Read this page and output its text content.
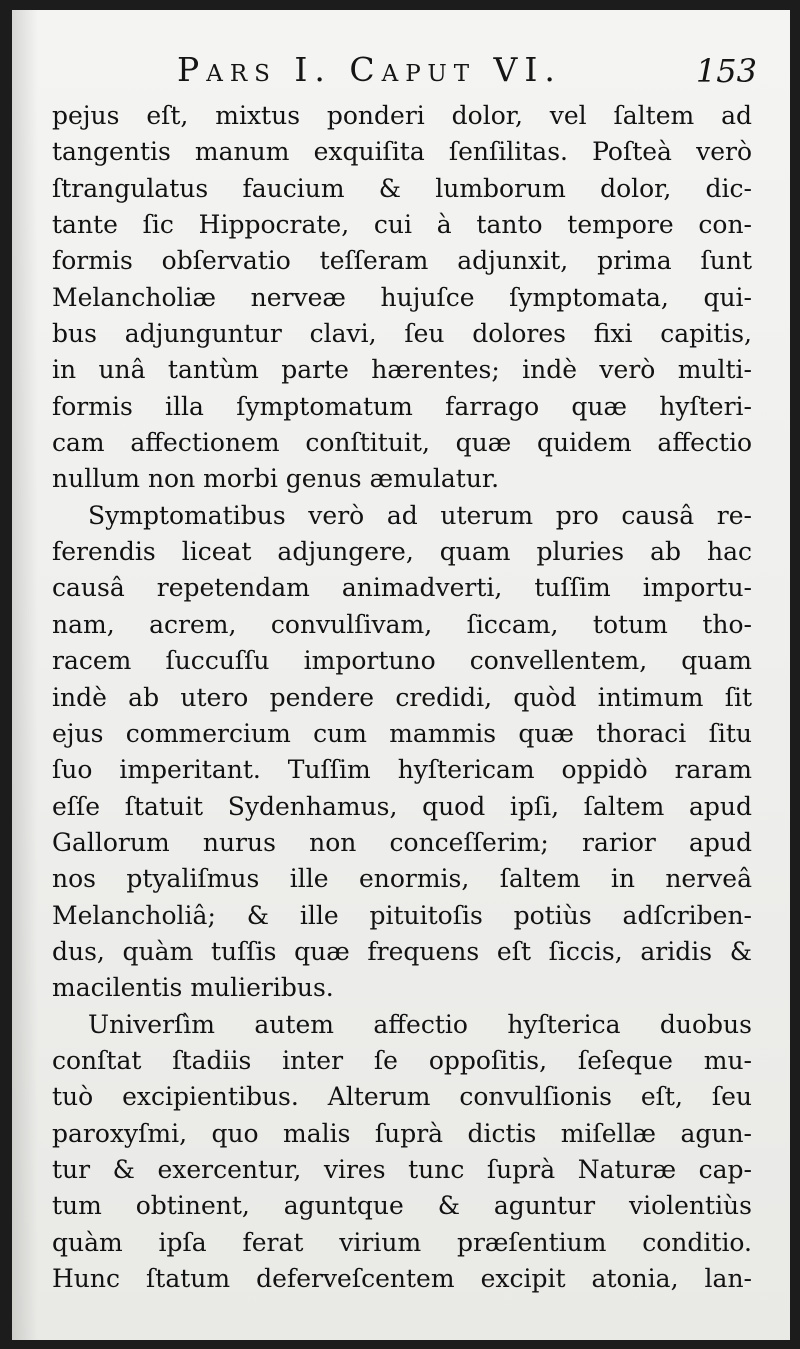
Pars I. Caput VI.	153
pejus eſt, mixtus ponderi dolor, vel ſaltem ad
tangentis manum exquiſita ſenſilitas. Poſteà verò
ſtrangulatus faucium & lumborum dolor, dic-
tante ſic Hippocrate, cui à tanto tempore con-
formis obſervatio teſſeram adjunxit, prima ſunt
Melancholiæ nerveæ hujuſce ſymptomata, qui-
bus adjunguntur clavi, ſeu dolores fixi capitis,
in unâ tantùm parte hærentes; indè verò multi-
formis illa ſymptomatum farrago quæ hyſteri-
cam affectionem conſtituit, quæ quidem affectio
nullum non morbi genus æmulatur.
Symptomatibus verò ad uterum pro causâ re-
ferendis liceat adjungere, quam pluries ab hac
causâ repetendam animadverti, tuſſim importu-
nam, acrem, convulſivam, ſiccam, totum tho-
racem ſuccuſſu importuno convellentem, quam
indè ab utero pendere credidi, quòd intimum ſit
ejus commercium cum mammis quæ thoraci ſitu
ſuo imperitant. Tuſſim hyſtericam oppidò raram
eſſe ſtatuit Sydenhamus, quod ipſi, ſaltem apud
Gallorum nurus non conceſſerim; rarior apud
nos ptyaliſmus ille enormis, ſaltem in nerveâ
Melancholiâ; & ille pituitoſis potiùs adſcriben-
dus, quàm tuſſis quæ frequens eſt ſiccis, aridis &
macilentis mulieribus.
Univerſìm autem affectio hyſterica duobus
conſtat ſtadiis inter ſe oppoſitis, ſeſeque mu-
tuò excipientibus. Alterum convulſionis eſt, ſeu
paroxyſmi, quo malis ſuprà dictis miſellæ agun-
tur & exercentur, vires tunc ſuprà Naturæ cap-
tum obtinent, aguntque & aguntur violentiùs
quàm ipſa ferat virium præſentium conditio.
Hunc ſtatum deferveſcentem excipit atonia, lan-
